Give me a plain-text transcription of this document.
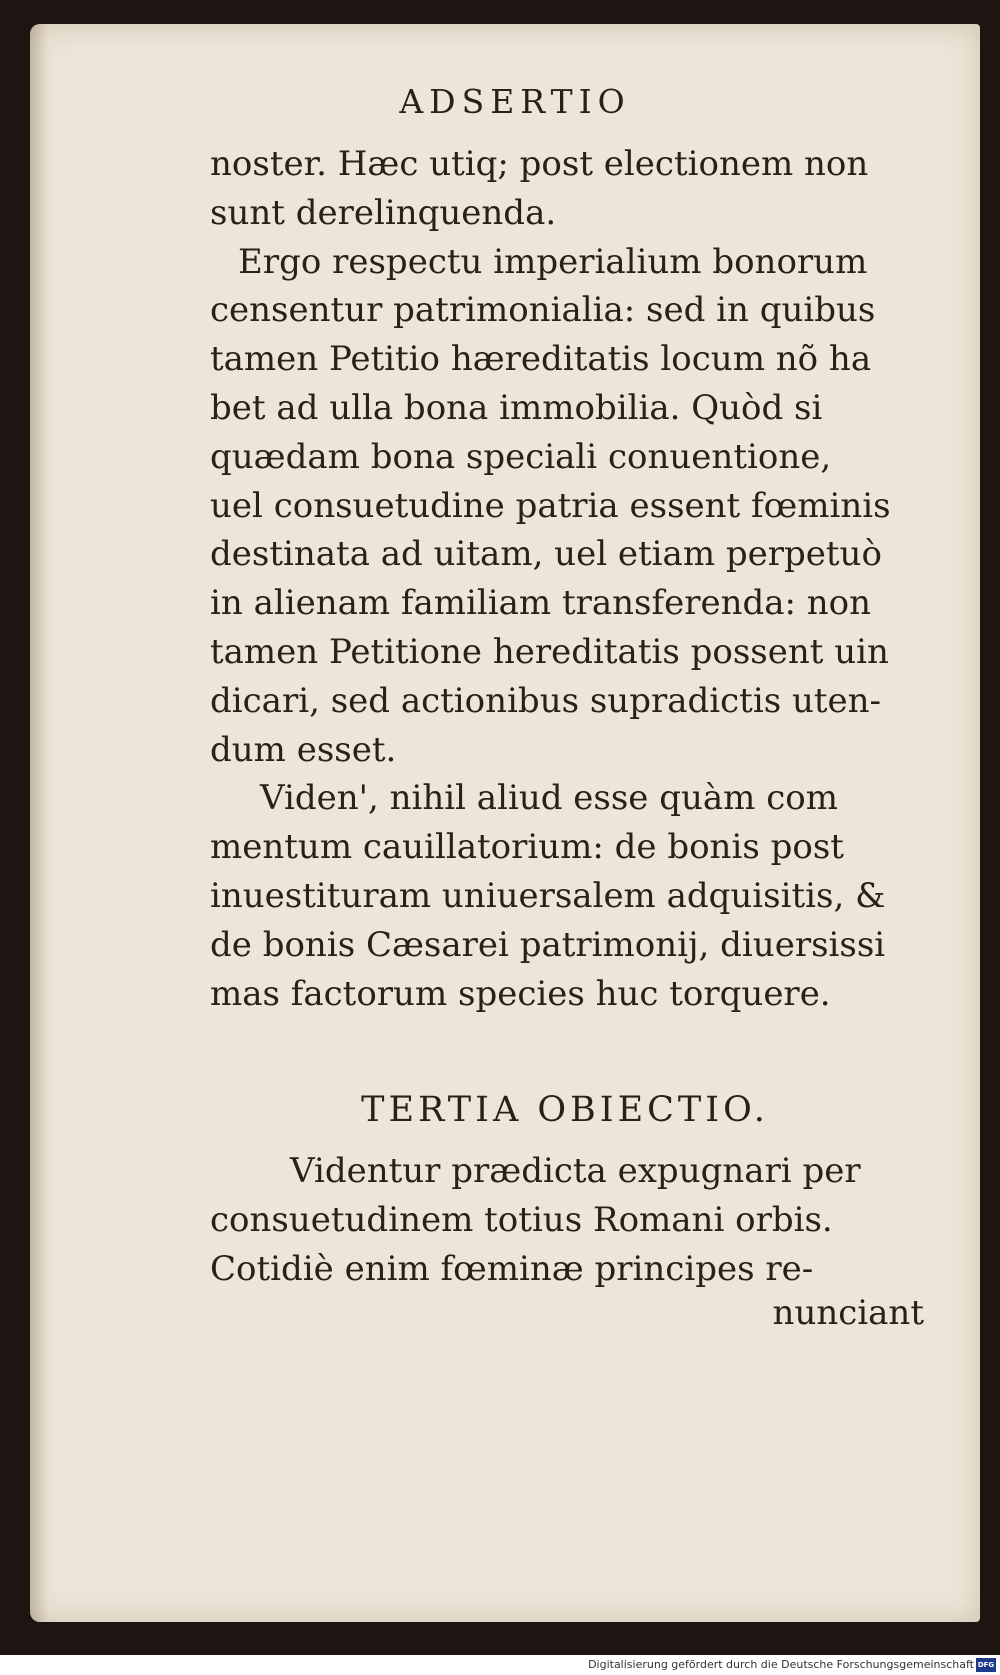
ADSERTIO
noster. Hæc utiq; post electionem non
sunt derelinquenda.
Ergo respectu imperialium bonorum
censentur patrimonialia: sed in quibus
tamen Petitio hæreditatis locum nõ ha
bet ad ulla bona immobilia. Quòd si
quædam bona speciali conuentione,
uel consuetudine patria essent fœminis
destinata ad uitam, uel etiam perpetuò
in alienam familiam transferenda: non
tamen Petitione hereditatis possent uin
dicari, sed actionibus supradictis uten-
dum esset.
Viden', nihil aliud esse quàm com
mentum cauillatorium: de bonis post
inuestituram uniuersalem adquisitis, &
de bonis Cæsarei patrimonij, diuersissi
mas factorum species huc torquere.
TERTIA OBIECTIO.
Videntur prædicta expugnari per
consuetudinem totius Romani orbis.
Cotidiè enim fœminæ principes re-
nunciant
Digitalisierung gefördert durch die Deutsche Forschungsgemeinschaft DFG
